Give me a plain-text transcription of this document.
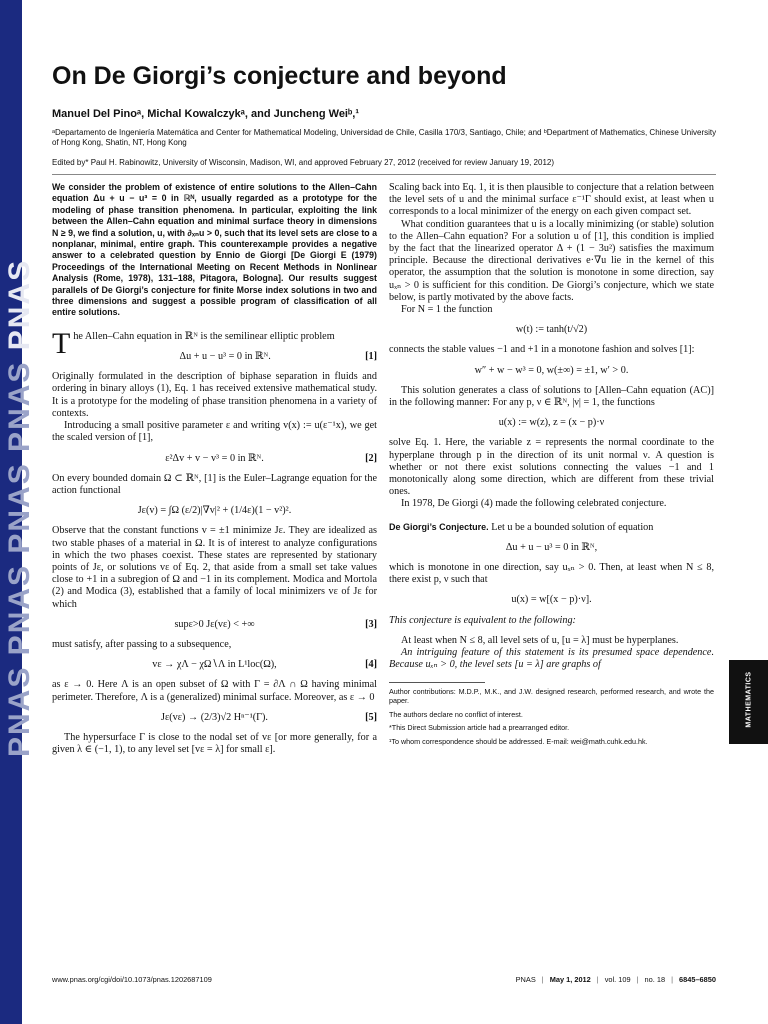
PNAS PNAS PNAS PNAS PNAS
On De Giorgi’s conjecture and beyond
Manuel Del Pinoᵃ, Michal Kowalczykᵃ, and Juncheng Weiᵇ,¹
ᵃDepartamento de Ingeniería Matemática and Center for Mathematical Modeling, Universidad de Chile, Casilla 170/3, Santiago, Chile; and ᵇDepartment of Mathematics, Chinese University of Hong Kong, Shatin, NT, Hong Kong
Edited by* Paul H. Rabinowitz, University of Wisconsin, Madison, WI, and approved February 27, 2012 (received for review January 19, 2012)

We consider the problem of existence of entire solutions to the Allen–Cahn equation Δu + u − u³ = 0 in ℝᴺ, usually regarded as a prototype for the modeling of phase transition phenomena. In particular, exploiting the link between the Allen–Cahn equation and minimal surface theory in dimensions N ≥ 9, we find a solution, u, with ∂ₓₙu > 0, such that its level sets are close to a nonplanar, minimal, entire graph. This counterexample provides a negative answer to a celebrated question by Ennio de Giorgi [De Giorgi E (1979) Proceedings of the International Meeting on Recent Methods in Nonlinear Analysis (Rome, 1978), 131–188, Pitagora, Bologna]. Our results suggest parallels of De Giorgi’s conjecture for finite Morse index solutions in two and three dimensions and suggest a possible program of classification of all entire solutions.

The Allen–Cahn equation in ℝᴺ is the semilinear elliptic problem

Δu + u − u³ = 0 in ℝᴺ.	[1]

Originally formulated in the description of biphase separation in fluids and ordering in binary alloys (1), Eq. 1 has received extensive mathematical study. It is a prototype for the modeling of phase transition phenomena in a variety of contexts.

Introducing a small positive parameter ε and writing v(x) := u(ε⁻¹x), we get the scaled version of [1],

ε²Δv + v − v³ = 0 in ℝᴺ.	[2]

On every bounded domain Ω ⊂ ℝᴺ, [1] is the Euler–Lagrange equation for the action functional

Jε(v) = ∫Ω (ε/2)|∇v|² + (1/4ε)(1 − v²)².

Observe that the constant functions v = ±1 minimize Jε. They are idealized as two stable phases of a material in Ω. It is of interest to analyze configurations in which the two phases coexist. These states are represented by stationary points of Jε, or solutions vε of Eq. 2, that aside from a small set take values close to +1 in a subregion of Ω and −1 in its complement. Modica and Mortola (2) and Modica (3), established that a family of local minimizers vε of Jε for which

supε>0 Jε(vε) < +∞	[3]

must satisfy, after passing to a subsequence,

vε → χΛ − χΩ∖Λ in L¹loc(Ω),	[4]

as ε → 0. Here Λ is an open subset of Ω with Γ = ∂Λ ∩ Ω having minimal perimeter. Therefore, Λ is a (generalized) minimal surface. Moreover, as ε → 0

Jε(vε) → (2/3)√2 Hⁿ⁻¹(Γ).	[5]

The hypersurface Γ is close to the nodal set of vε [or more generally, for a given λ ∈ (−1, 1), to any level set [vε = λ] for small ε].

Scaling back into Eq. 1, it is then plausible to conjecture that a relation between the level sets of u and the minimal surface ε⁻¹Γ should exist, at least when u corresponds to a local minimizer of the energy on each given compact set.

What condition guarantees that u is a locally minimizing (or stable) solution to the Allen–Cahn equation? For a solution u of [1], this condition is implied by the fact that the linearized operator Δ + (1 − 3u²) satisfies the maximum principle. Because the directional derivatives e·∇u lie in the kernel of this operator, the assumption that the solution is monotone in some direction, say uₓₙ > 0 is sufficient for this condition. De Giorgi’s conjecture, which we state below, is partly motivated by the above facts.

For N = 1 the function

w(t) := tanh(t/√2)

connects the stable values −1 and +1 in a monotone fashion and solves [1]:

w″ + w − w³ = 0, w(±∞) = ±1, w′ > 0.

This solution generates a class of solutions to [Allen–Cahn equation (AC)] in the following manner: For any p, ν ∈ ℝᴺ, |ν| = 1, the functions

u(x) := w(z), z = (x − p)·ν

solve Eq. 1. Here, the variable z = represents the normal coordinate to the hyperplane through p in the direction of its unit normal ν. A question is whether or not there exist solutions connecting the values −1 and 1 monotonically along some direction, which are different from these trivial ones.

In 1978, De Giorgi (4) made the following celebrated conjecture.

De Giorgi’s Conjecture. Let u be a bounded solution of equation

Δu + u − u³ = 0 in ℝᴺ,

which is monotone in one direction, say uₓₙ > 0. Then, at least when N ≤ 8, there exist p, ν such that

u(x) = w[(x − p)·ν].

This conjecture is equivalent to the following:

At least when N ≤ 8, all level sets of u, [u = λ] must be hyperplanes.

An intriguing feature of this statement is its presumed space dependence. Because uₓₙ > 0, the level sets [u = λ] are graphs of

Author contributions: M.D.P., M.K., and J.W. designed research, performed research, and wrote the paper.

The authors declare no conflict of interest.

*This Direct Submission article had a prearranged editor.

¹To whom correspondence should be addressed. E-mail: wei@math.cuhk.edu.hk.

MATHEMATICS
www.pnas.org/cgi/doi/10.1073/pnas.1202687109	PNAS | May 1, 2012 | vol. 109 | no. 18 | 6845–6850
